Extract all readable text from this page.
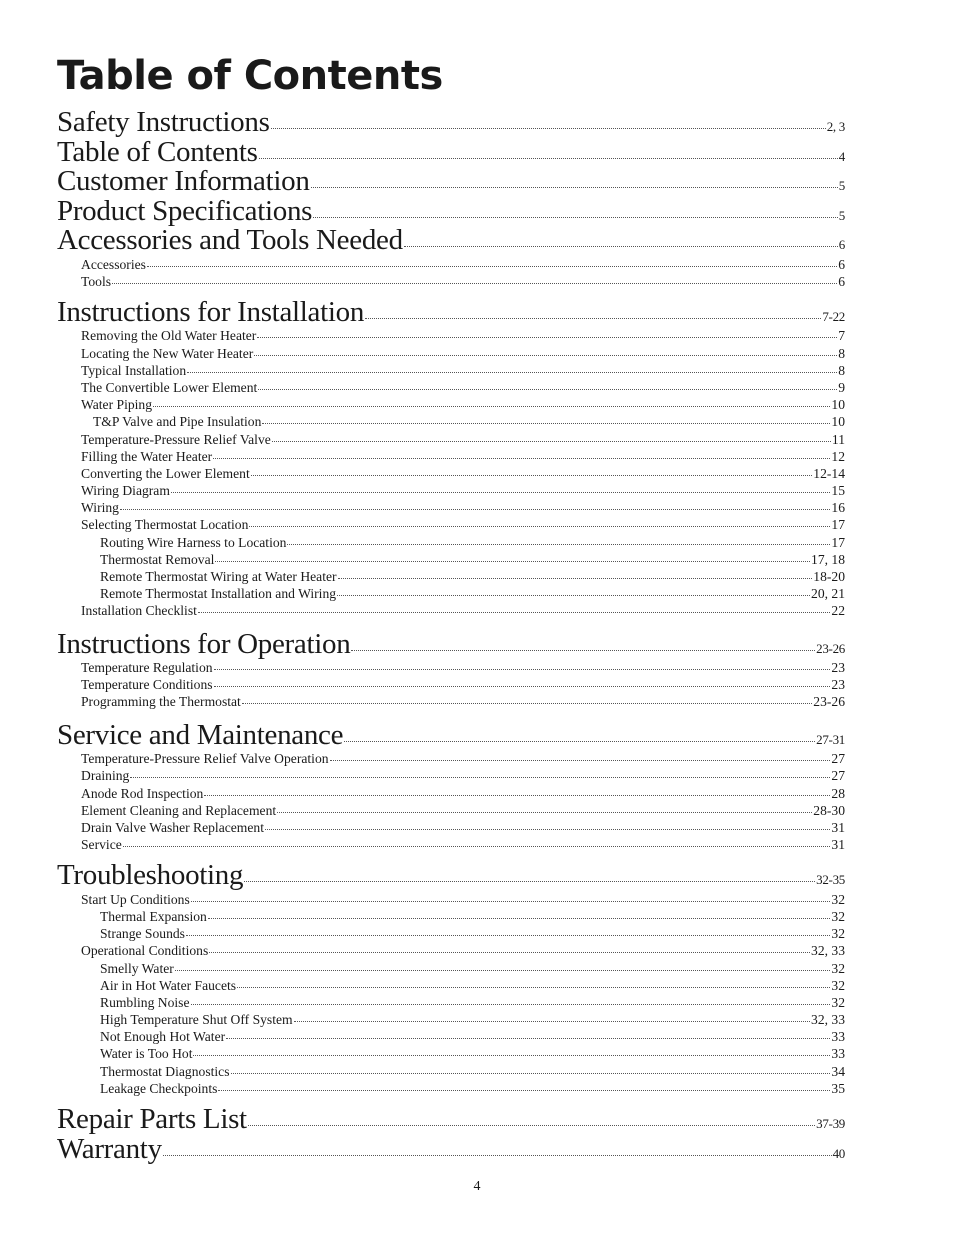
Table of Contents
Safety Instructions	2, 3
Table of Contents	4
Customer Information	5
Product Specifications	5
Accessories and Tools Needed	6
Accessories	6
Tools	6
Instructions for Installation	7-22
Removing the Old Water Heater	7
Locating the New Water Heater	8
Typical Installation	8
The Convertible Lower Element	9
Water Piping	10
T&P Valve and Pipe Insulation	10
Temperature-Pressure Relief Valve	11
Filling the Water Heater	12
Converting the Lower Element	12-14
Wiring Diagram	15
Wiring	16
Selecting Thermostat Location	17
Routing Wire Harness to Location	17
Thermostat Removal	17, 18
Remote Thermostat Wiring at Water Heater	18-20
Remote Thermostat Installation and Wiring	20, 21
Installation Checklist	22
Instructions for Operation	23-26
Temperature Regulation	23
Temperature Conditions	23
Programming the Thermostat	23-26
Service and Maintenance	27-31
Temperature-Pressure Relief Valve Operation	27
Draining	27
Anode Rod Inspection	28
Element Cleaning and Replacement	28-30
Drain Valve Washer Replacement	31
Service	31
Troubleshooting	32-35
Start Up Conditions	32
Thermal Expansion	32
Strange Sounds	32
Operational Conditions	32, 33
Smelly Water	32
Air in Hot Water Faucets	32
Rumbling Noise	32
High Temperature Shut Off System	32, 33
Not Enough Hot Water	33
Water is Too Hot	33
Thermostat Diagnostics	34
Leakage Checkpoints	35
Repair Parts List	37-39
Warranty	40
4
